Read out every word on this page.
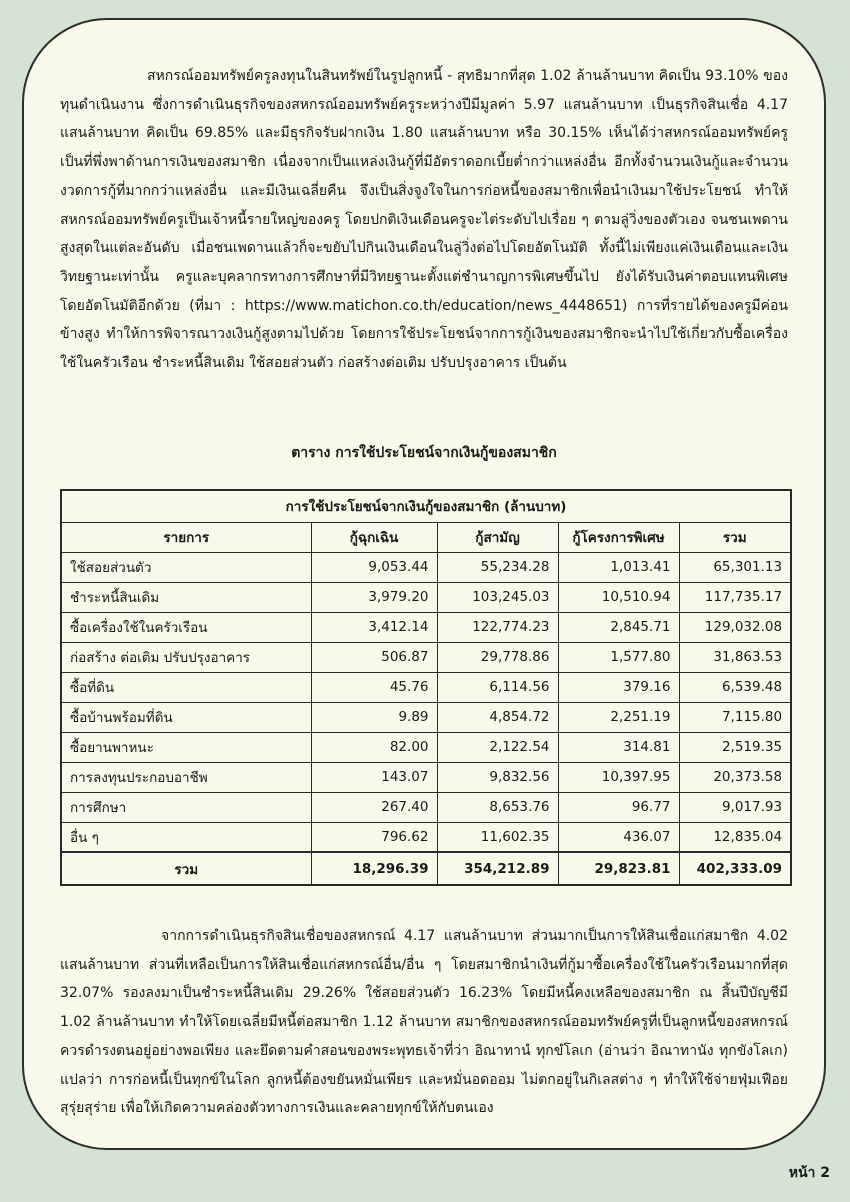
สหกรณ์ออมทรัพย์ครูลงทุนในสินทรัพย์ในรูปลูกหนี้ - สุทธิมากที่สุด 1.02 ล้านล้านบาท คิดเป็น 93.10% ของทุนดำเนินงาน ซึ่งการดำเนินธุรกิจของสหกรณ์ออมทรัพย์ครูระหว่างปีมีมูลค่า 5.97 แสนล้านบาท เป็นธุรกิจสินเชื่อ 4.17 แสนล้านบาท คิดเป็น 69.85% และมีธุรกิจรับฝากเงิน 1.80 แสนล้านบาท หรือ 30.15% เห็นได้ว่าสหกรณ์ออมทรัพย์ครูเป็นที่พึ่งพาด้านการเงินของสมาชิก เนื่องจากเป็นแหล่งเงินกู้ที่มีอัตราดอกเบี้ยต่ำกว่าแหล่งอื่น อีกทั้งจำนวนเงินกู้และจำนวนงวดการกู้ที่มากกว่าแหล่งอื่น และมีเงินเฉลี่ยคืน จึงเป็นสิ่งจูงใจในการก่อหนี้ของสมาชิกเพื่อนำเงินมาใช้ประโยชน์ ทำให้สหกรณ์ออมทรัพย์ครูเป็นเจ้าหนี้รายใหญ่ของครู โดยปกติเงินเดือนครูจะไต่ระดับไปเรื่อย ๆ ตามลู่วิ่งของตัวเอง จนชนเพดานสูงสุดในแต่ละอันดับ เมื่อชนเพดานแล้วก็จะขยับไปกินเงินเดือนในลู่วิ่งต่อไปโดยอัตโนมัติ ทั้งนี้ไม่เพียงแค่เงินเดือนและเงินวิทยฐานะเท่านั้น ครูและบุคลากรทางการศึกษาที่มีวิทยฐานะตั้งแต่ชำนาญการพิเศษขึ้นไป ยังได้รับเงินค่าตอบแทนพิเศษโดยอัตโนมัติอีกด้วย (ที่มา : https://www.matichon.co.th/education/news_4448651) การที่รายได้ของครูมีค่อนข้างสูง ทำให้การพิจารณาวงเงินกู้สูงตามไปด้วย โดยการใช้ประโยชน์จากการกู้เงินของสมาชิกจะนำไปใช้เกี่ยวกับซื้อเครื่องใช้ในครัวเรือน ชำระหนี้สินเดิม ใช้สอยส่วนตัว ก่อสร้างต่อเติม ปรับปรุงอาคาร เป็นต้น

ตาราง การใช้ประโยชน์จากเงินกู้ของสมาชิก

การใช้ประโยชน์จากเงินกู้ของสมาชิก (ล้านบาท)				
รายการ	กู้ฉุกเฉิน	กู้สามัญ	กู้โครงการพิเศษ	รวม
ใช้สอยส่วนตัว	9,053.44	55,234.28	1,013.41	65,301.13
ชำระหนี้สินเดิม	3,979.20	103,245.03	10,510.94	117,735.17
ซื้อเครื่องใช้ในครัวเรือน	3,412.14	122,774.23	2,845.71	129,032.08
ก่อสร้าง ต่อเติม ปรับปรุงอาคาร	506.87	29,778.86	1,577.80	31,863.53
ซื้อที่ดิน	45.76	6,114.56	379.16	6,539.48
ซื้อบ้านพร้อมที่ดิน	9.89	4,854.72	2,251.19	7,115.80
ซื้อยานพาหนะ	82.00	2,122.54	314.81	2,519.35
การลงทุนประกอบอาชีพ	143.07	9,832.56	10,397.95	20,373.58
การศึกษา	267.40	8,653.76	96.77	9,017.93
อื่น ๆ	796.62	11,602.35	436.07	12,835.04
รวม	18,296.39	354,212.89	29,823.81	402,333.09

จากการดำเนินธุรกิจสินเชื่อของสหกรณ์ 4.17 แสนล้านบาท ส่วนมากเป็นการให้สินเชื่อแก่สมาชิก 4.02 แสนล้านบาท ส่วนที่เหลือเป็นการให้สินเชื่อแก่สหกรณ์อื่น/อื่น ๆ โดยสมาชิกนำเงินที่กู้มาซื้อเครื่องใช้ในครัวเรือนมากที่สุด 32.07% รองลงมาเป็นชำระหนี้สินเดิม 29.26% ใช้สอยส่วนตัว 16.23% โดยมีหนี้คงเหลือของสมาชิก ณ สิ้นปีบัญชีมี 1.02 ล้านล้านบาท ทำให้โดยเฉลี่ยมีหนี้ต่อสมาชิก 1.12 ล้านบาท สมาชิกของสหกรณ์ออมทรัพย์ครูที่เป็นลูกหนี้ของสหกรณ์ควรดำรงตนอยู่อย่างพอเพียง และยึดตามคำสอนของพระพุทธเจ้าที่ว่า อิณาทานํ ทุกขํโลเก (อ่านว่า อิณาทานัง ทุกขังโลเก) แปลว่า การก่อหนี้เป็นทุกข์ในโลก ลูกหนี้ต้องขยันหมั่นเพียร และหมั่นอดออม ไม่ตกอยู่ในกิเลสต่าง ๆ ทำให้ใช้จ่ายฟุ่มเฟือย สุรุ่ยสุร่าย เพื่อให้เกิดความคล่องตัวทางการเงินและคลายทุกข์ให้กับตนเอง

หน้า 2
